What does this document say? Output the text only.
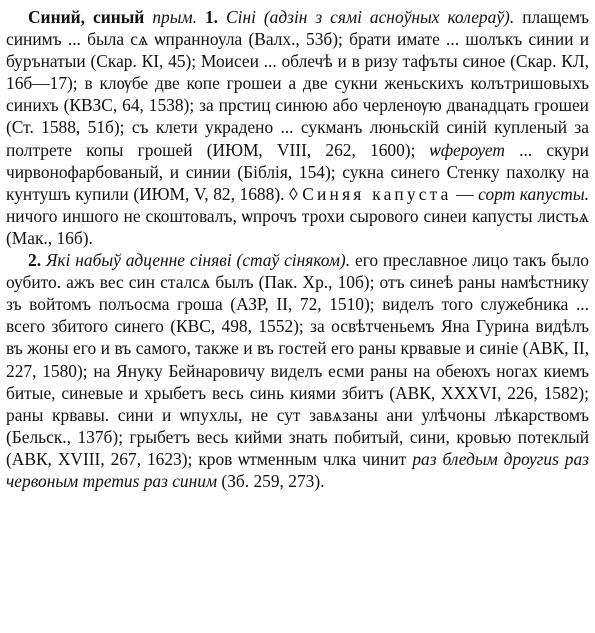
Синий, синый прым. 1. Сіні (адзін з сямі асноўных колераў). плащемъ синимъ ... была сѧ ѡпранноула (Валх., 53б); брати имате ... шолъкъ синии и бурънатыи (Скар. КІ, 45); Моисеи ... облечѣ и в ризу тафъты синое (Скар. КЛ, 16б—17); в клѹбе две копе грошеи а две сукни женьскихъ колътришовыхъ синихъ (КВЗС, 64, 1538); за прстиц синюю або черленѹю дванадцать грошеи (Ст. 1588, 51б); съ клети украдено ... сукманъ люньскій синій купленый за полтрете копы грошей (ИЮМ, VIII, 262, 1600); ѡферѹет ... скури чирвонофарбованый, и синии (Біблія, 154); сукна синего Стенку пахолку на кунтушъ купили (ИЮМ, V, 82, 1688). ◊ Синяя капуста — сорт капусты. ничого иншого не скоштовалъ, ѡпрочъ трохи сырового синеи капусты листьѧ (Мак., 16б).

2. Які набыў адценне сіняві (стаў сіняком). его преславное лицо такъ было оубито. ажъ вес син сталсѧ былъ (Пак. Хр., 10б); отъ синеѣ раны намѣстнику зъ войтомъ полъосма гроша (АЗР, II, 72, 1510); виделъ того служебника ... всего збитого синего (КВС, 498, 1552); за освѣтченьемъ Яна Гурина видѣлъ въ жоны его и въ самого, также и въ гостей его раны крвавые и синіе (АВК, II, 227, 1580); на Януку Бейнаровичу виделъ есми раны на обеюхъ ногах киемъ битые, синевые и хрыбетъ весь синь киями збитъ (АВК, XXXVI, 226, 1582); раны крвавы. сини и ѡпухлы, не сут завѧзаны ани улѣчоны лѣкарствомъ (Бельск., 137б); грыбетъ весь кийми знать побитый, сини, кровью потеклый (АВК, XVIII, 267, 1623); кров ѡтменным члка чинит раз бледым дрѹгиѕ раз червоным третиѕ раз синим (Зб. 259, 273).
